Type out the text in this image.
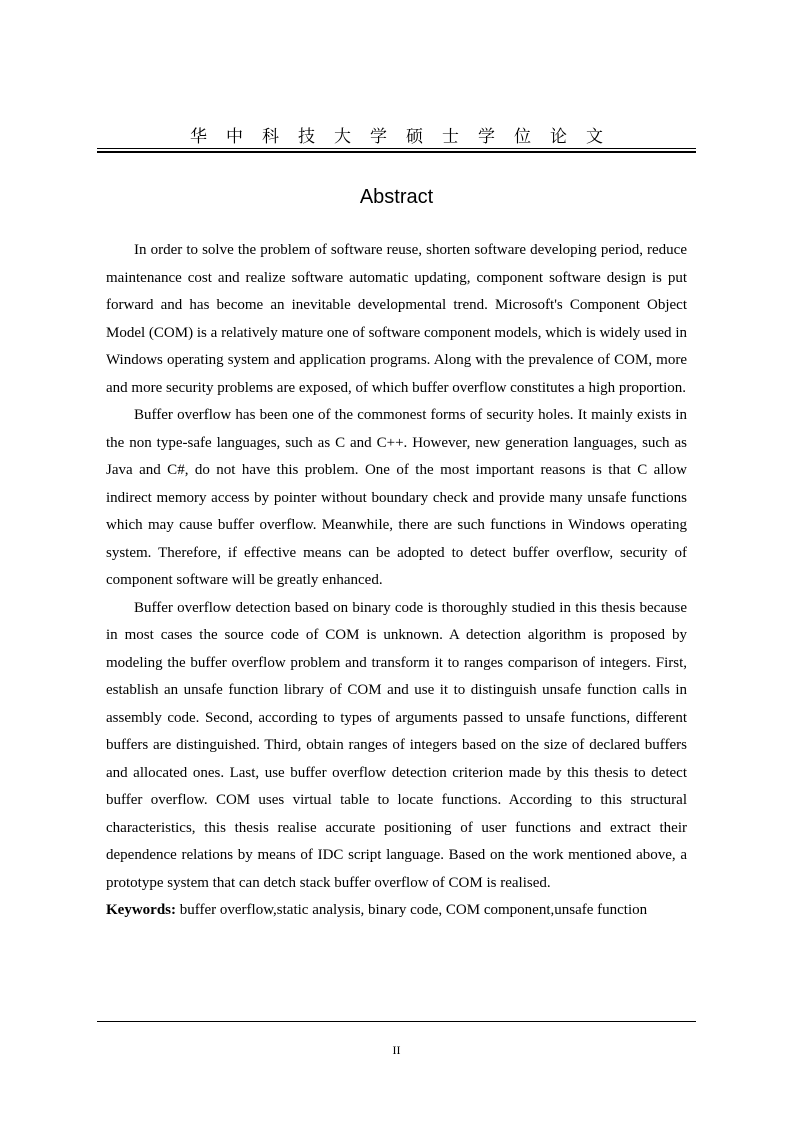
华中科技大学硕士学位论文
Abstract

In order to solve the problem of software reuse, shorten software developing period, reduce maintenance cost and realize software automatic updating, component software design is put forward and has become an inevitable developmental trend. Microsoft's Component Object Model (COM) is a relatively mature one of software component models, which is widely used in Windows operating system and application programs. Along with the prevalence of COM, more and more security problems are exposed, of which buffer overflow constitutes a high proportion.

Buffer overflow has been one of the commonest forms of security holes. It mainly exists in the non type-safe languages, such as C and C++. However, new generation languages, such as Java and C#, do not have this problem. One of the most important reasons is that C allow indirect memory access by pointer without boundary check and provide many unsafe functions which may cause buffer overflow. Meanwhile, there are such functions in Windows operating system. Therefore, if effective means can be adopted to detect buffer overflow, security of component software will be greatly enhanced.

Buffer overflow detection based on binary code is thoroughly studied in this thesis because in most cases the source code of COM is unknown. A detection algorithm is proposed by modeling the buffer overflow problem and transform it to ranges comparison of integers. First, establish an unsafe function library of COM and use it to distinguish unsafe function calls in assembly code. Second, according to types of arguments passed to unsafe functions, different buffers are distinguished. Third, obtain ranges of integers based on the size of declared buffers and allocated ones. Last, use buffer overflow detection criterion made by this thesis to detect buffer overflow. COM uses virtual table to locate functions. According to this structural characteristics, this thesis realise accurate positioning of user functions and extract their dependence relations by means of IDC script language. Based on the work mentioned above, a prototype system that can detch stack buffer overflow of COM is realised.

Keywords: buffer overflow,static analysis, binary code, COM component,unsafe function
II
